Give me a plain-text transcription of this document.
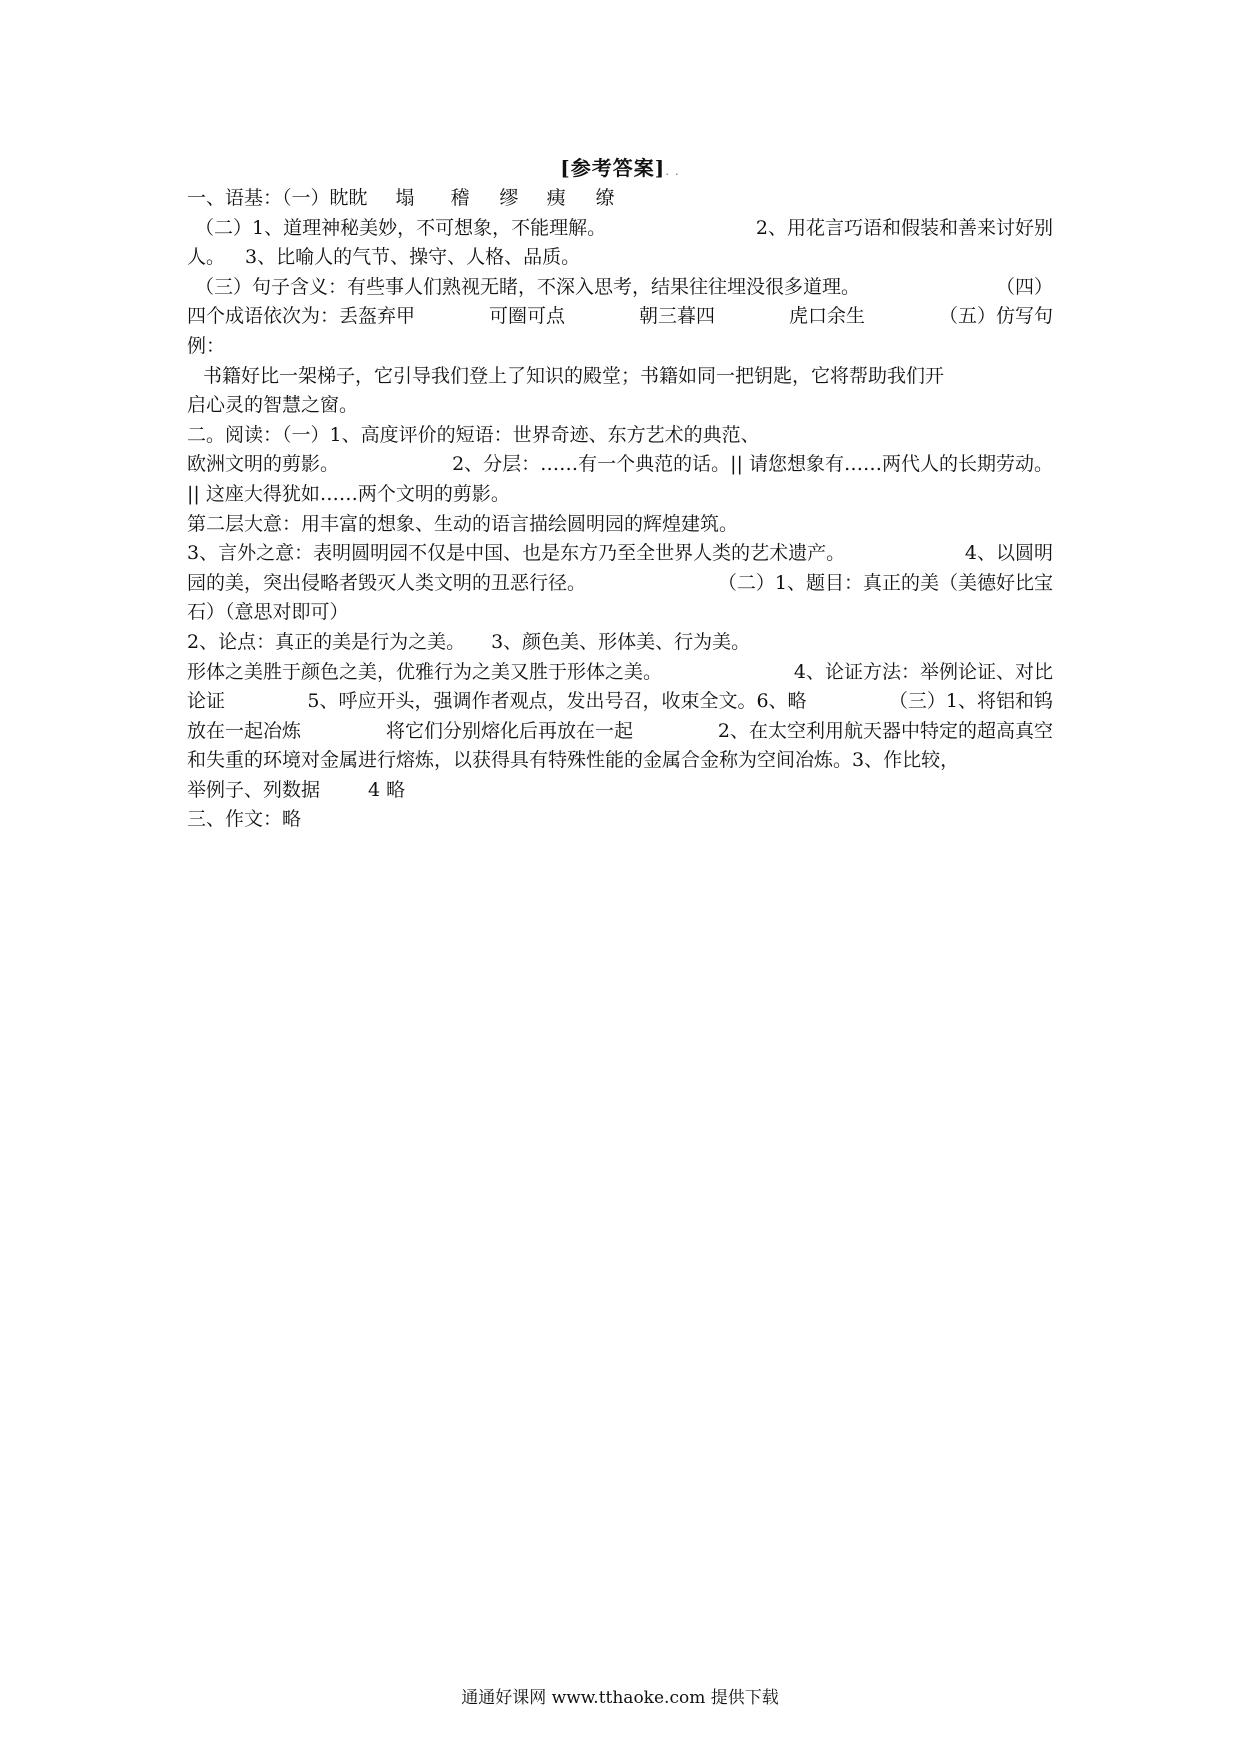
[参考答案]. .
一、语基：（一）眈眈 塌 稽 缪 痍 缭
（二）1、道理神秘美妙，不可想象，不能理解。	2、用花言巧语和假装和善来讨好别
人。 3、比喻人的气节、操守、人格、品质。
（三）句子含义：有些事人们熟视无睹，不深入思考，结果往往埋没很多道理。	（四）
四个成语依次为：丢盔弃甲	可圈可点	朝三暮四	虎口余生	（五）仿写句
例：
书籍好比一架梯子，它引导我们登上了知识的殿堂；书籍如同一把钥匙，它将帮助我们开
启心灵的智慧之窗。
二。阅读：（一）1、高度评价的短语：世界奇迹、东方艺术的典范、
欧洲文明的剪影。	2、分层：……有一个典范的话。|| 请您想象有……两代人的长期劳动。
|| 这座大得犹如……两个文明的剪影。
第二层大意：用丰富的想象、生动的语言描绘圆明园的辉煌建筑。
3、言外之意：表明圆明园不仅是中国、也是东方乃至全世界人类的艺术遗产。	4、以圆明
园的美，突出侵略者毁灭人类文明的丑恶行径。	（二）1、题目：真正的美（美德好比宝
石）（意思对即可）
2、论点：真正的美是行为之美。 3、颜色美、形体美、行为美。
形体之美胜于颜色之美，优雅行为之美又胜于形体之美。	4、论证方法：举例论证、对比
论证	5、呼应开头，强调作者观点，发出号召，收束全文。6、略	（三）1、将铝和钨
放在一起冶炼	将它们分别熔化后再放在一起	2、在太空利用航天器中特定的超高真空
和失重的环境对金属进行熔炼，以获得具有特殊性能的金属合金称为空间冶炼。3、作比较，
举例子、列数据	4 略
三、作文：略
通通好课网 www.tthaoke.com 提供下载
